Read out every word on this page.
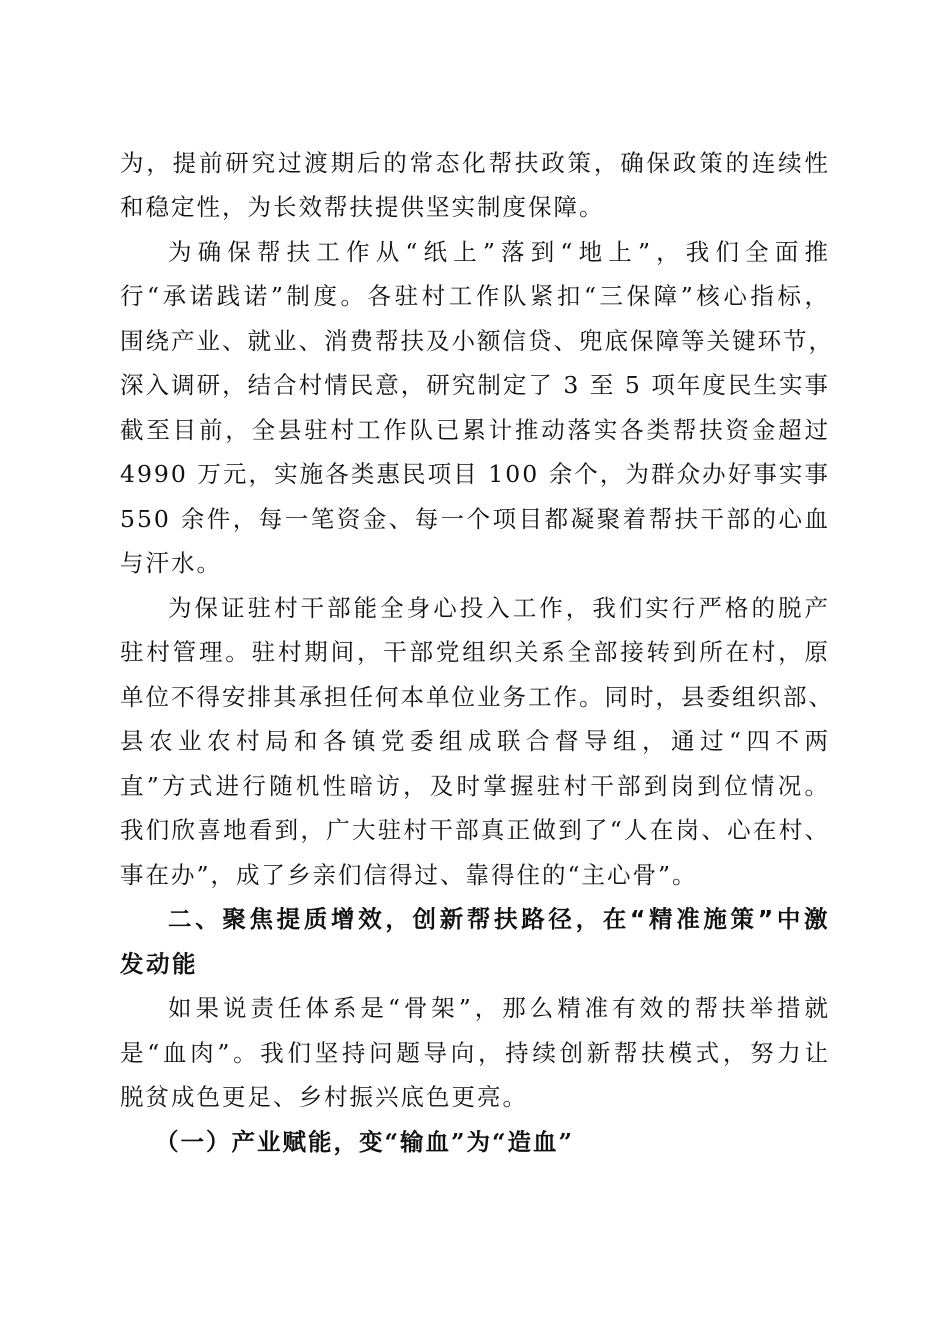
为，提前研究过渡期后的常态化帮扶政策，确保政策的连续性
和稳定性，为长效帮扶提供坚实制度保障。
为确保帮扶工作从“纸上”落到“地上”，我们全面推
行“承诺践诺”制度。各驻村工作队紧扣“三保障”核心指标，
围绕产业、就业、消费帮扶及小额信贷、兜底保障等关键环节，
深入调研，结合村情民意，研究制定了 3 至 5 项年度民生实事
截至目前，全县驻村工作队已累计推动落实各类帮扶资金超过
4990 万元，实施各类惠民项目 100 余个，为群众办好事实事
550 余件，每一笔资金、每一个项目都凝聚着帮扶干部的心血
与汗水。
为保证驻村干部能全身心投入工作，我们实行严格的脱产
驻村管理。驻村期间，干部党组织关系全部接转到所在村，原
单位不得安排其承担任何本单位业务工作。同时，县委组织部、
县农业农村局和各镇党委组成联合督导组，通过“四不两
直”方式进行随机性暗访，及时掌握驻村干部到岗到位情况。
我们欣喜地看到，广大驻村干部真正做到了“人在岗、心在村、
事在办”，成了乡亲们信得过、靠得住的“主心骨”。
二、聚焦提质增效，创新帮扶路径，在“精准施策”中激
发动能
如果说责任体系是“骨架”，那么精准有效的帮扶举措就
是“血肉”。我们坚持问题导向，持续创新帮扶模式，努力让
脱贫成色更足、乡村振兴底色更亮。
（一）产业赋能，变“输血”为“造血”
